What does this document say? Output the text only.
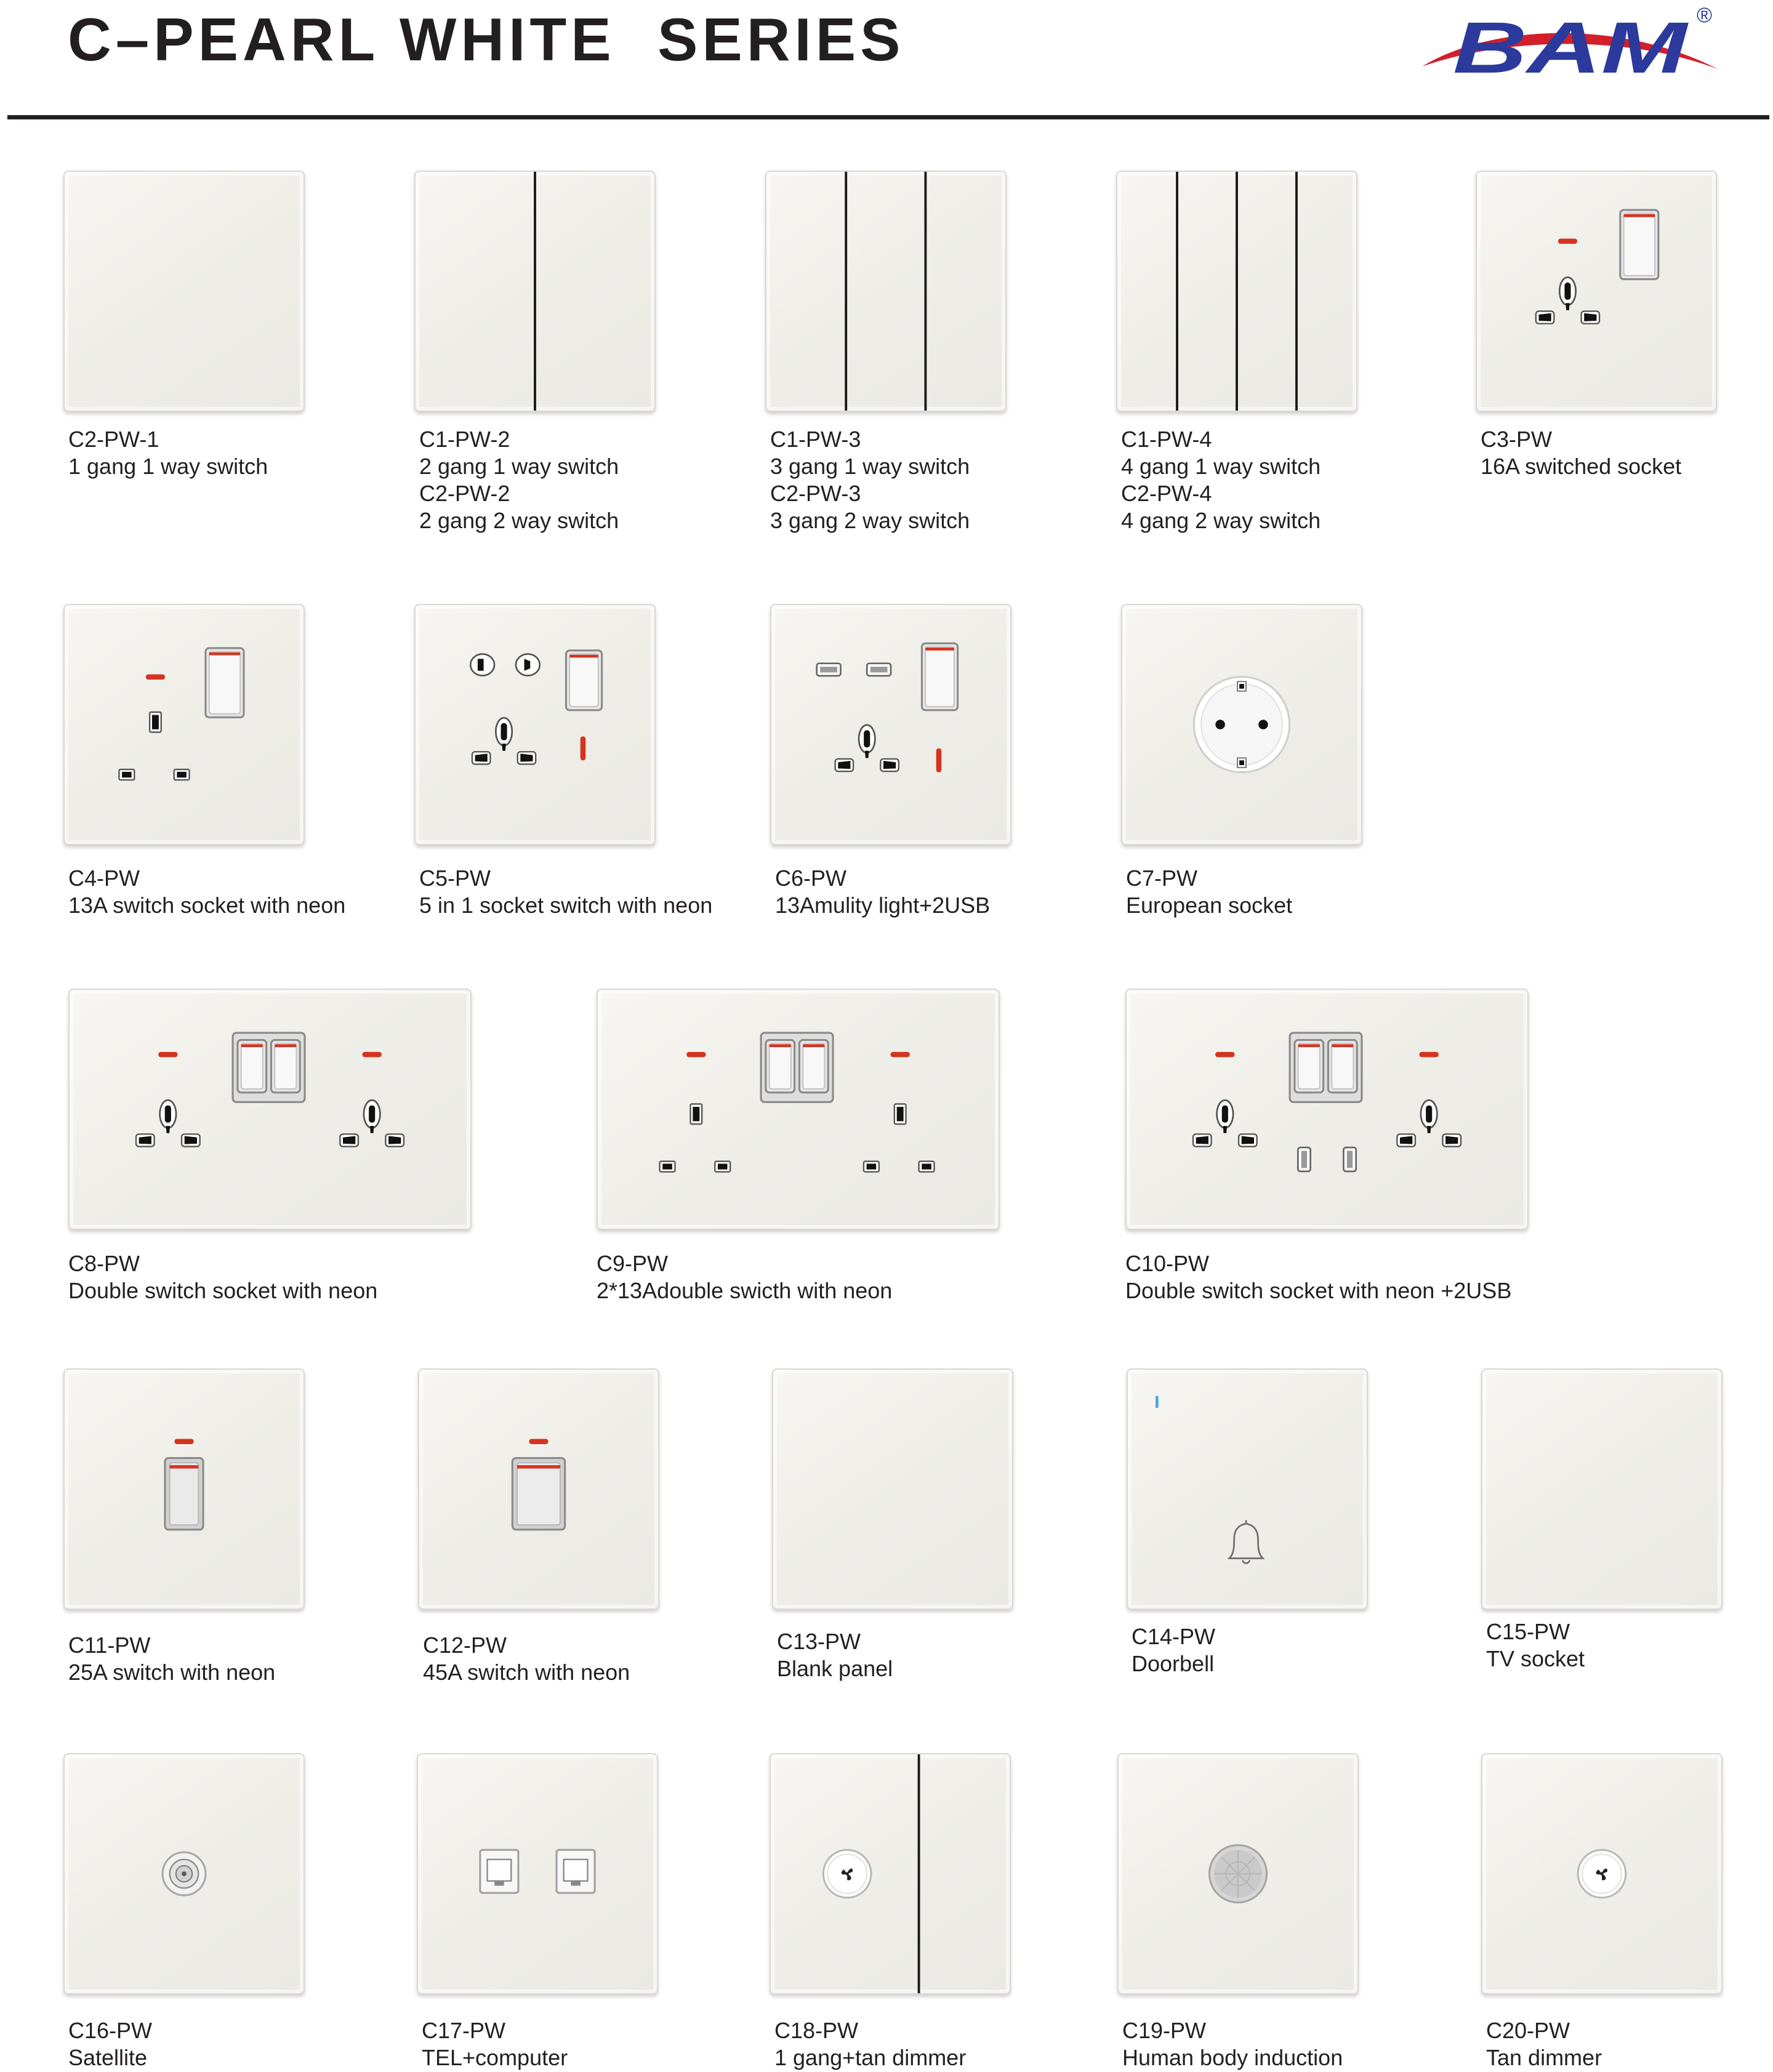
C–PEARL WHITE  SERIES	BAM ®
C2-PW-1
1 gang 1 way switch
C1-PW-2
2 gang 1 way switch
C2-PW-2
2 gang 2 way switch
C1-PW-3
3 gang 1 way switch
C2-PW-3
3 gang 2 way switch
C1-PW-4
4 gang 1 way switch
C2-PW-4
4 gang 2 way switch
C3-PW
16A switched socket
C4-PW
13A switch socket with neon
C5-PW
5 in 1 socket switch with neon
C6-PW
13Amulity light+2USB
C7-PW
European socket
C8-PW
Double switch socket with neon
C9-PW
2*13Adouble swicth with neon
C10-PW
Double switch socket with neon +2USB
C11-PW
25A switch with neon
C12-PW
45A switch with neon
C13-PW
Blank panel
C14-PW
Doorbell
C15-PW
TV socket
C16-PW
Satellite
C17-PW
TEL+computer
C18-PW
1 gang+tan dimmer
C19-PW
Human body induction
C20-PW
Tan dimmer
